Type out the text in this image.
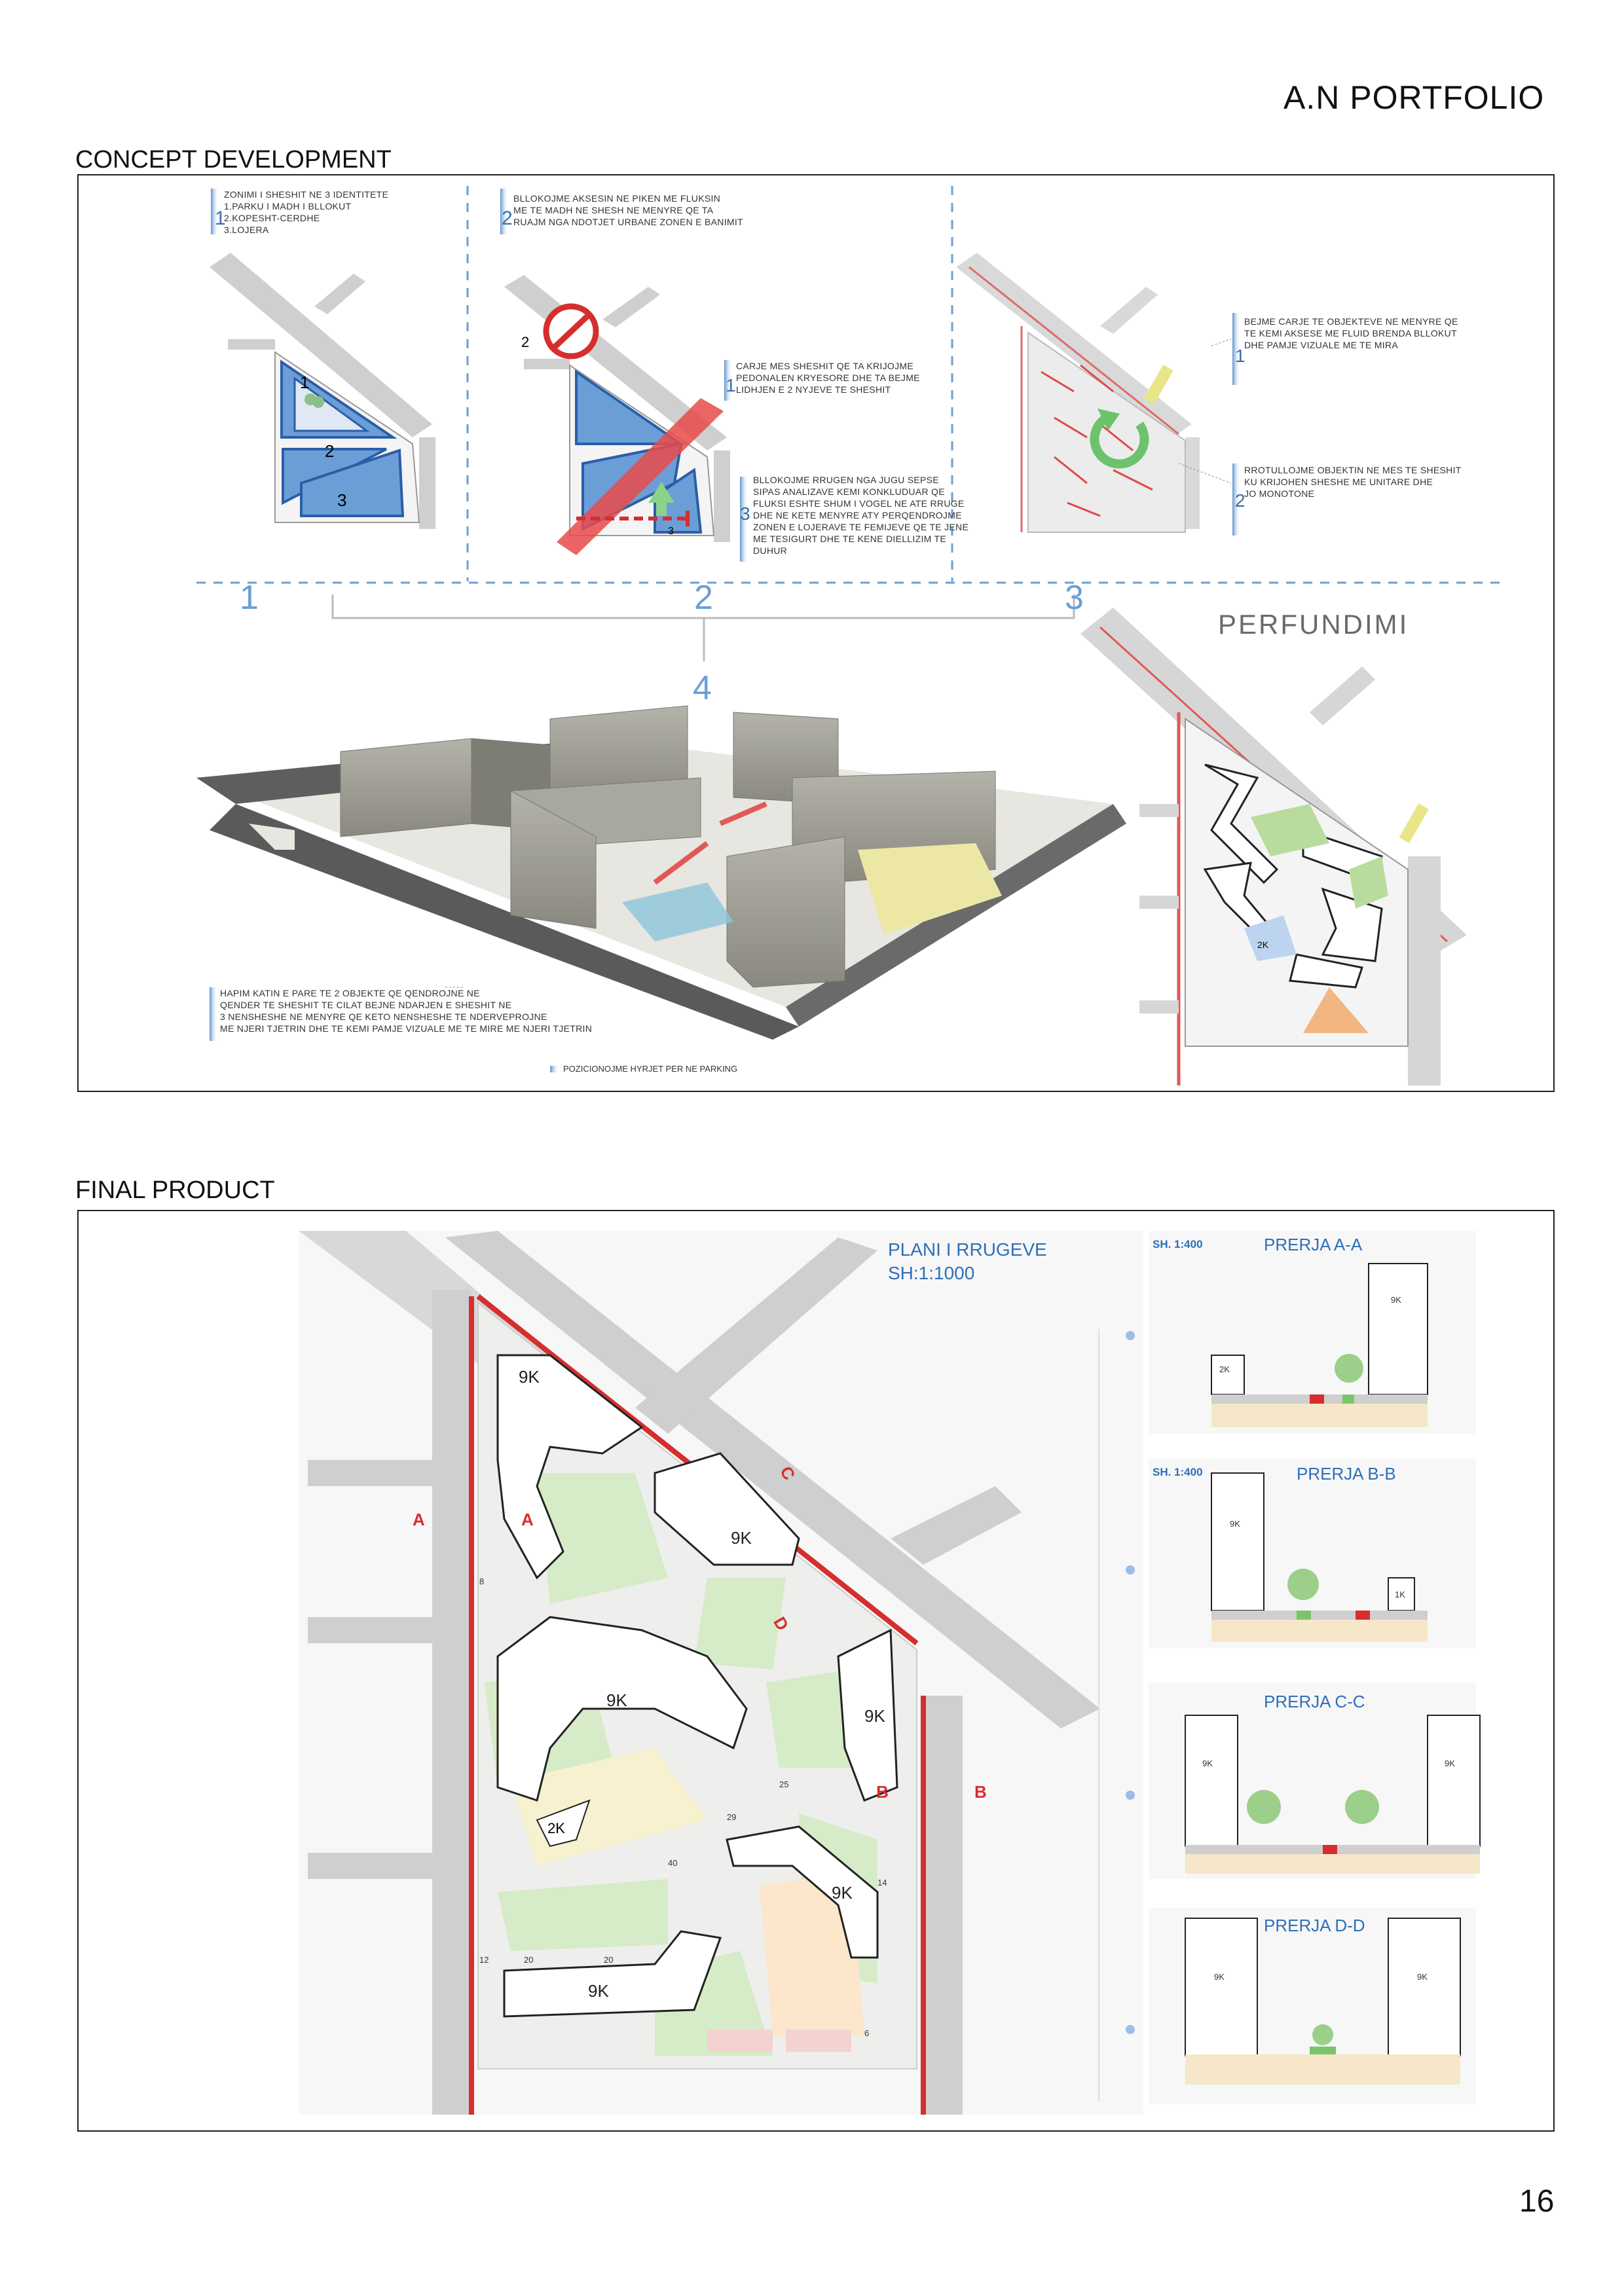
A.N PORTFOLIO
CONCEPT DEVELOPMENT
FINAL PRODUCT
16
1
ZONIMI I SHESHIT NE 3 IDENTITETE
1.PARKU I MADH I BLLOKUT
2.KOPESHT-CERDHE
3.LOJERA
1
2
3
1
2
BLLOKOJME AKSESIN NE PIKEN ME FLUKSIN
ME TE MADH NE SHESH NE MENYRE QE TA
RUAJM NGA NDOTJET URBANE ZONEN E BANIMIT
2
3
1
CARJE MES SHESHIT QE TA KRIJOJME
PEDONALEN KRYESORE DHE TA BEJME
LIDHJEN E 2 NYJEVE TE SHESHIT
3
BLLOKOJME RRUGEN NGA JUGU SEPSE
SIPAS ANALIZAVE KEMI KONKLUDUAR QE
FLUKSI ESHTE SHUM I VOGEL NE ATE RRUGE
DHE NE KETE MENYRE ATY PERQENDROJME
ZONEN E LOJERAVE TE FEMIJEVE QE TE JENE
ME TESIGURT DHE TE KENE DIELLIZIM TE
DUHUR
2
1
BEJME CARJE TE OBJEKTEVE NE MENYRE QE
TE KEMI AKSESE ME FLUID BRENDA BLLOKUT
DHE PAMJE VIZUALE ME TE MIRA
2
RROTULLOJME OBJEKTIN NE MES TE SHESHIT
KU KRIJOHEN SHESHE ME UNITARE DHE
JO MONOTONE
3
4
HAPIM KATIN E PARE TE 2 OBJEKTE QE QENDROJNE NE
QENDER TE SHESHIT TE CILAT BEJNE NDARJEN E SHESHIT NE
3 NENSHESHE NE MENYRE QE KETO NENSHESHE TE NDERVEPROJNE
ME NJERI TJETRIN DHE TE KEMI PAMJE VIZUALE ME TE MIRE ME NJERI TJETRIN
POZICIONOJME HYRJET PER NE PARKING
PERFUNDIMI
2K
9K
9K
9K
9K
9K
9K
2K
A	A
B	B
C
D
12	20	20
29
25
40
14
8
6
PLANI I RRUGEVE
SH:1:1000
SH. 1:400	PRERJA A-A
9K
2K
SH. 1:400	PRERJA B-B
9K
1K
PRERJA C-C
9K	9K
PRERJA D-D
9K	9K
